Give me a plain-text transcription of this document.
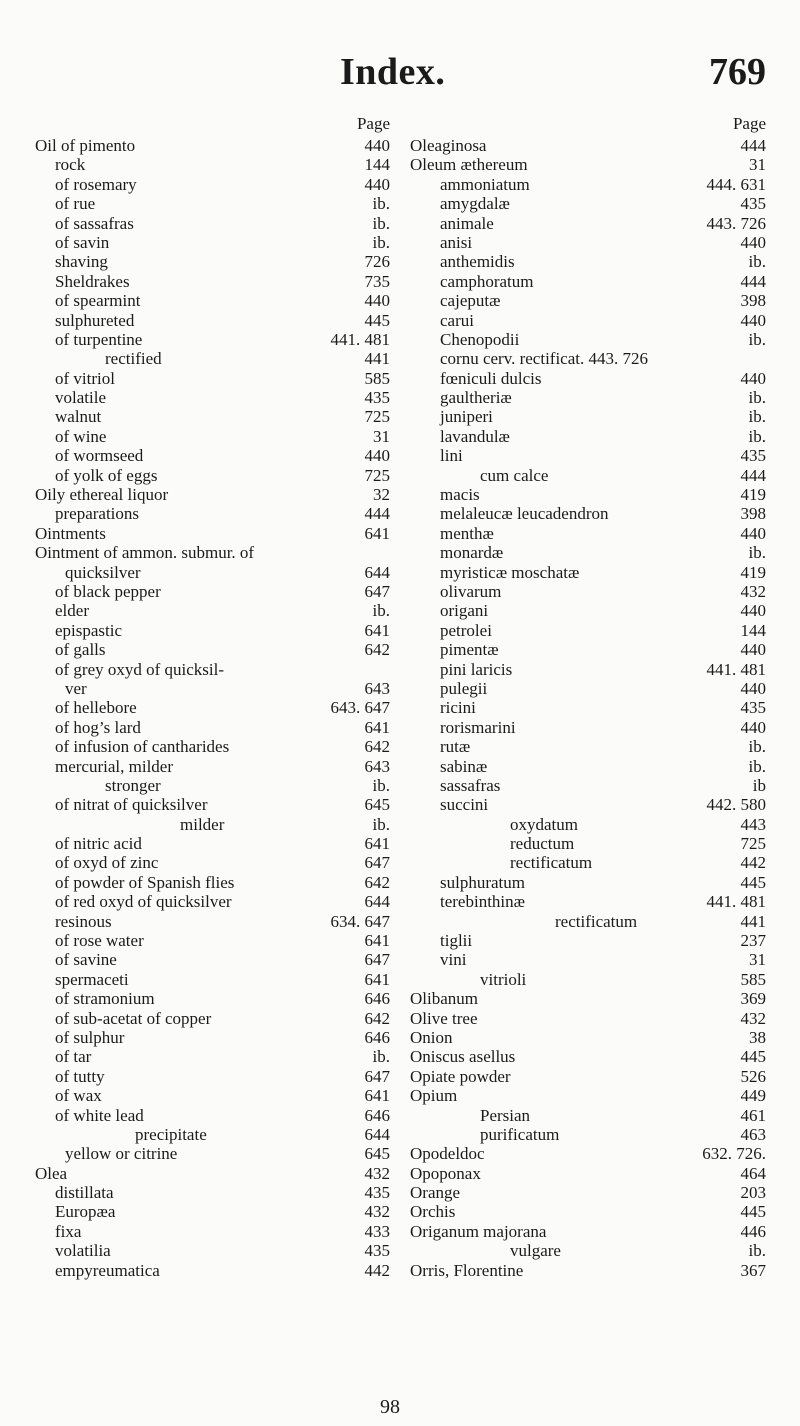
Index.	769
Page
Oil of pimento	440
rock	144
of rosemary	440
of rue	ib.
of sassafras	ib.
of savin	ib.
shaving	726
Sheldrakes	735
of spearmint	440
sulphureted	445
of turpentine	441. 481
rectified	441
of vitriol	585
volatile	435
walnut	725
of wine	31
of wormseed	440
of yolk of eggs	725
Oily ethereal liquor	32
preparations	444
Ointments	641
Ointment of ammon. submur. of
quicksilver	644
of black pepper	647
elder	ib.
epispastic	641
of galls	642
of grey oxyd of quicksil-
ver	643
of hellebore	643. 647
of hog’s lard	641
of infusion of cantharides	642
mercurial, milder	643
stronger	ib.
of nitrat of quicksilver	645
milder	ib.
of nitric acid	641
of oxyd of zinc	647
of powder of Spanish flies	642
of red oxyd of quicksilver	644
resinous	634. 647
of rose water	641
of savine	647
spermaceti	641
of stramonium	646
of sub-acetat of copper	642
of sulphur	646
of tar	ib.
of tutty	647
of wax	641
of white lead	646
precipitate	644
yellow or citrine	645
Olea	432
distillata	435
Europæa	432
fixa	433
volatilia	435
empyreumatica	442
Page
Oleaginosa	444
Oleum æthereum	31
ammoniatum	444. 631
amygdalæ	435
animale	443. 726
anisi	440
anthemidis	ib.
camphoratum	444
cajeputæ	398
carui	440
Chenopodii	ib.
cornu cerv. rectificat. 443. 726
fœniculi dulcis	440
gaultheriæ	ib.
juniperi	ib.
lavandulæ	ib.
lini	435
cum calce	444
macis	419
melaleucæ leucadendron	398
menthæ	440
monardæ	ib.
myristicæ moschatæ	419
olivarum	432
origani	440
petrolei	144
pimentæ	440
pini laricis	441. 481
pulegii	440
ricini	435
rorismarini	440
rutæ	ib.
sabinæ	ib.
sassafras	ib
succini	442. 580
oxydatum	443
reductum	725
rectificatum	442
sulphuratum	445
terebinthinæ	441. 481
rectificatum	441
tiglii	237
vini	31
vitrioli	585
Olibanum	369
Olive tree	432
Onion	38
Oniscus asellus	445
Opiate powder	526
Opium	449
Persian	461
purificatum	463
Opodeldoc	632. 726.
Opoponax	464
Orange	203
Orchis	445
Origanum majorana	446
vulgare	ib.
Orris, Florentine	367
98
